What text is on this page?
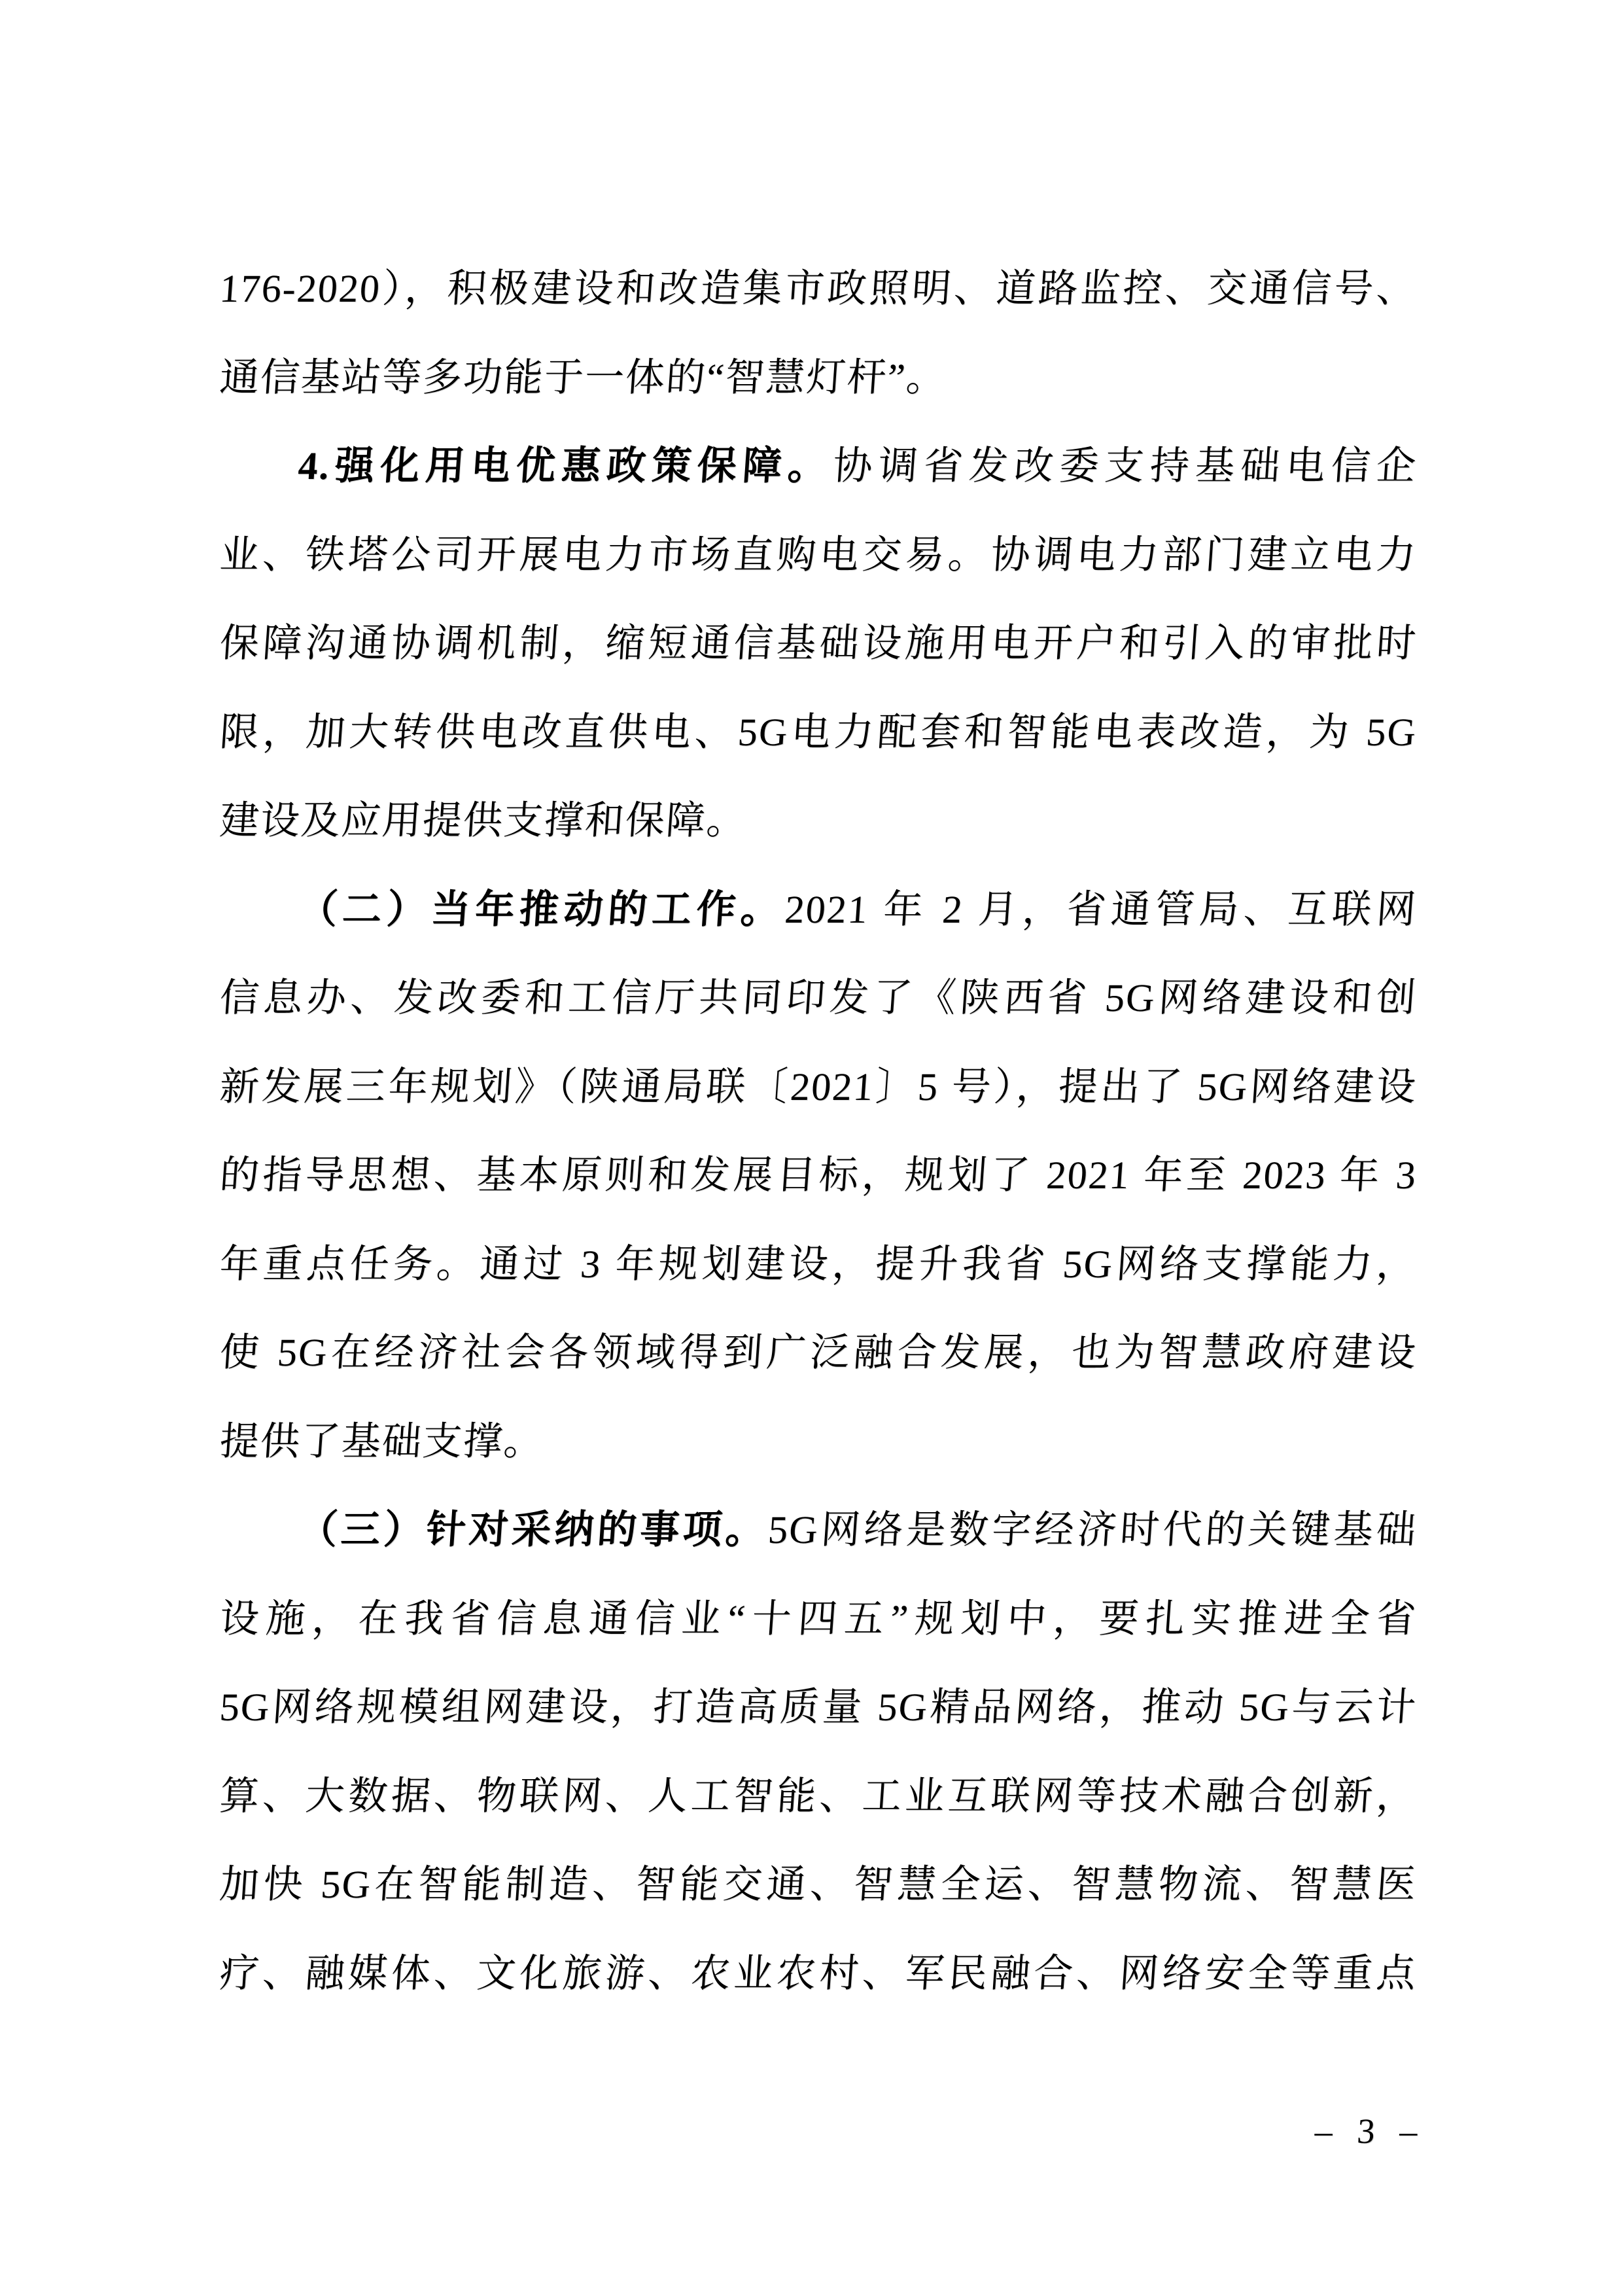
176-2020），积极建设和改造集市政照明、道路监控、交通信号、
通信基站等多功能于一体的“智慧灯杆”。
4.强化用电优惠政策保障。协调省发改委支持基础电信企
业、铁塔公司开展电力市场直购电交易。协调电力部门建立电力
保障沟通协调机制，缩短通信基础设施用电开户和引入的审批时
限，加大转供电改直供电、5G电力配套和智能电表改造，为 5G
建设及应用提供支撑和保障。
（二）当年推动的工作。2021 年 2 月，省通管局、互联网
信息办、发改委和工信厅共同印发了《陕西省 5G网络建设和创
新发展三年规划》（陕通局联〔2021〕5 号），提出了 5G网络建设
的指导思想、基本原则和发展目标，规划了 2021 年至 2023 年 3
年重点任务。通过 3 年规划建设，提升我省 5G网络支撑能力，
使 5G在经济社会各领域得到广泛融合发展，也为智慧政府建设
提供了基础支撑。
（三）针对采纳的事项。5G网络是数字经济时代的关键基础
设施，在我省信息通信业“十四五”规划中，要扎实推进全省
5G网络规模组网建设，打造高质量 5G精品网络，推动 5G与云计
算、大数据、物联网、人工智能、工业互联网等技术融合创新，
加快 5G在智能制造、智能交通、智慧全运、智慧物流、智慧医
疗、融媒体、文化旅游、农业农村、军民融合、网络安全等重点
– 3 –
